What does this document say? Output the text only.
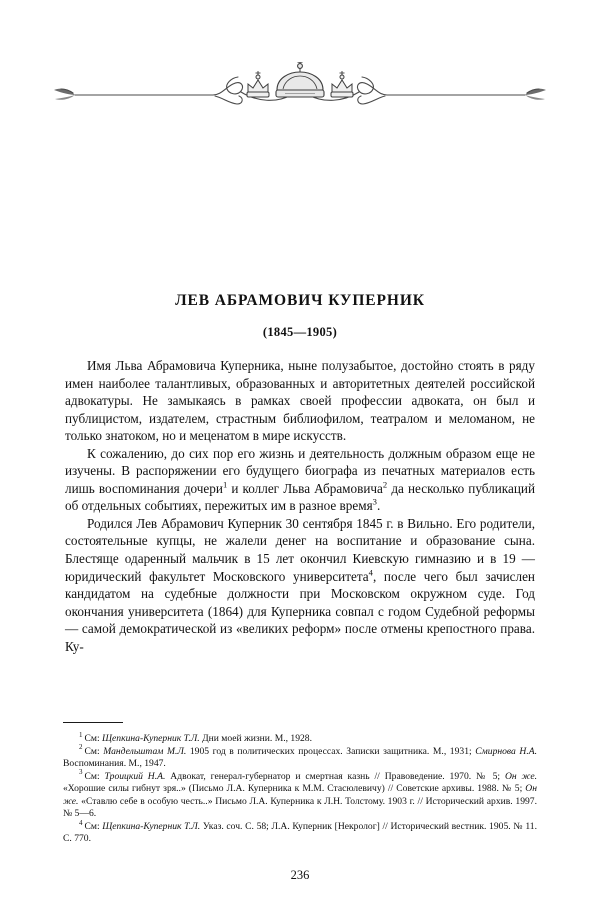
ЛЕВ АБРАМОВИЧ КУПЕРНИК

(1845—1905)

Имя Льва Абрамовича Куперника, ныне полузабытое, достойно стоять в ряду имен наиболее талантливых, образованных и авторитетных деятелей российской адвокатуры. Не замыкаясь в рамках своей профессии адвоката, он был и публицистом, издателем, страстным библиофилом, театралом и меломаном, не только знатоком, но и меценатом в мире искусств.

К сожалению, до сих пор его жизнь и деятельность должным образом еще не изучены. В распоряжении его будущего биографа из печатных материалов есть лишь воспоминания дочери$^1$ и коллег Льва Абрамовича$^2$ да несколько публикаций об отдельных событиях, пережитых им в разное время$^3$.

Родился Лев Абрамович Куперник 30 сентября 1845 г. в Вильно. Его родители, состоятельные купцы, не жалели денег на воспитание и образование сына. Блестяще одаренный мальчик в 15 лет окончил Киевскую гимназию и в 19 — юридический факультет Московского университета$^4$, после чего был зачислен кандидатом на судебные должности при Московском окружном суде. Год окончания университета (1864) для Куперника совпал с годом Судебной реформы — самой демократической из «великих реформ» после отмены крепостного права. Ку-

$^1$ См: Щепкина-Куперник Т.Л. Дни моей жизни. М., 1928.

$^2$ См: Мандельштам М.Л. 1905 год в политических процессах. Записки защитника. М., 1931; Смирнова Н.А. Воспоминания. М., 1947.

$^3$ См: Троицкий Н.А. Адвокат, генерал-губернатор и смертная казнь // Правоведение. 1970. № 5; Он же. «Хорошие силы гибнут зря..» (Письмо Л.А. Куперника к М.М. Стасюлевичу) // Советские архивы. 1988. № 5; Он же. «Ставлю себе в особую честь..» Письмо Л.А. Куперника к Л.Н. Толстому. 1903 г. // Исторический архив. 1997. № 5—6.

$^4$ См: Щепкина-Куперник Т.Л. Указ. соч. С. 58; Л.А. Куперник [Некролог] // Исторический вестник. 1905. № 11. С. 770.

236
